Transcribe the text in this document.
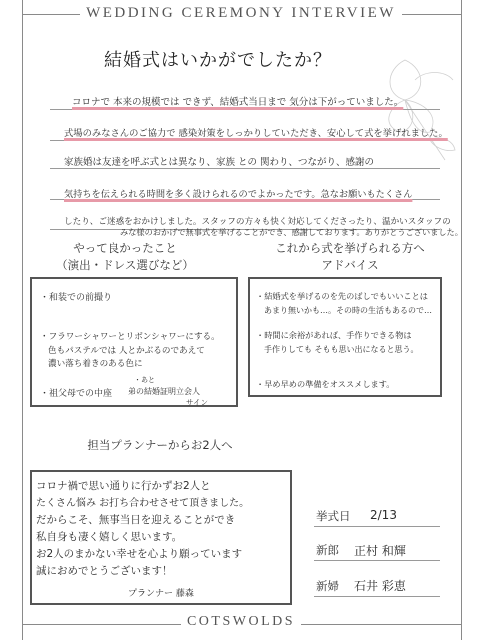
WEDDING CEREMONY INTERVIEW
結婚式はいかがでしたか？
コロナで 本来の規模では できず、結婚式当日まで 気分は下がっていました。
式場のみなさんのご協力で 感染対策をしっかりしていただき、安心して式を挙げれました。
家族婚は友達を呼ぶ式とは異なり、家族 との 関わり、つながり、感謝の
気持ちを伝えられる時間を多く設けられるのでよかったです。急なお願いもたくさん
したり、ご迷惑をおかけしました。スタッフの方々も快く対応してくださったり、温かいスタッフの
みな様のおかげで無事式を挙げることができ、感謝しております。ありがとうございました。
やって良かったこと
（演出・ドレス選びなど）
これから式を挙げられる方へ
アドバイス
・和装での前撮り
・フラワーシャワーとリボンシャワーにする。
色もパステルでは 人とかぶるのであえて
濃い落ち着きのある色に
・祖父母での中座 弟の結婚証明立会人
サイン
・あと
・結婚式を挙げるのを先のばしでもいいことは
あまり無いかも…。その時の生活もあるので…
・時間に余裕があれば、手作りできる物は
手作りしても そもも思い出になると思う。
・早め早めの準備をオススメします。
担当プランナーからお2人へ
コロナ禍で思い通りに行かずお2人と
たくさん悩み お打ち合わせさせて頂きました。
だからこそ、無事当日を迎えることができ
私自身も凄く嬉しく思います。
お2人のまかない幸せを心より願っています
誠におめでとうございます！
プランナー 藤森
挙式日 2/13
新郎 正村 和輝
新婦 石井 彩恵
COTSWOLDS
